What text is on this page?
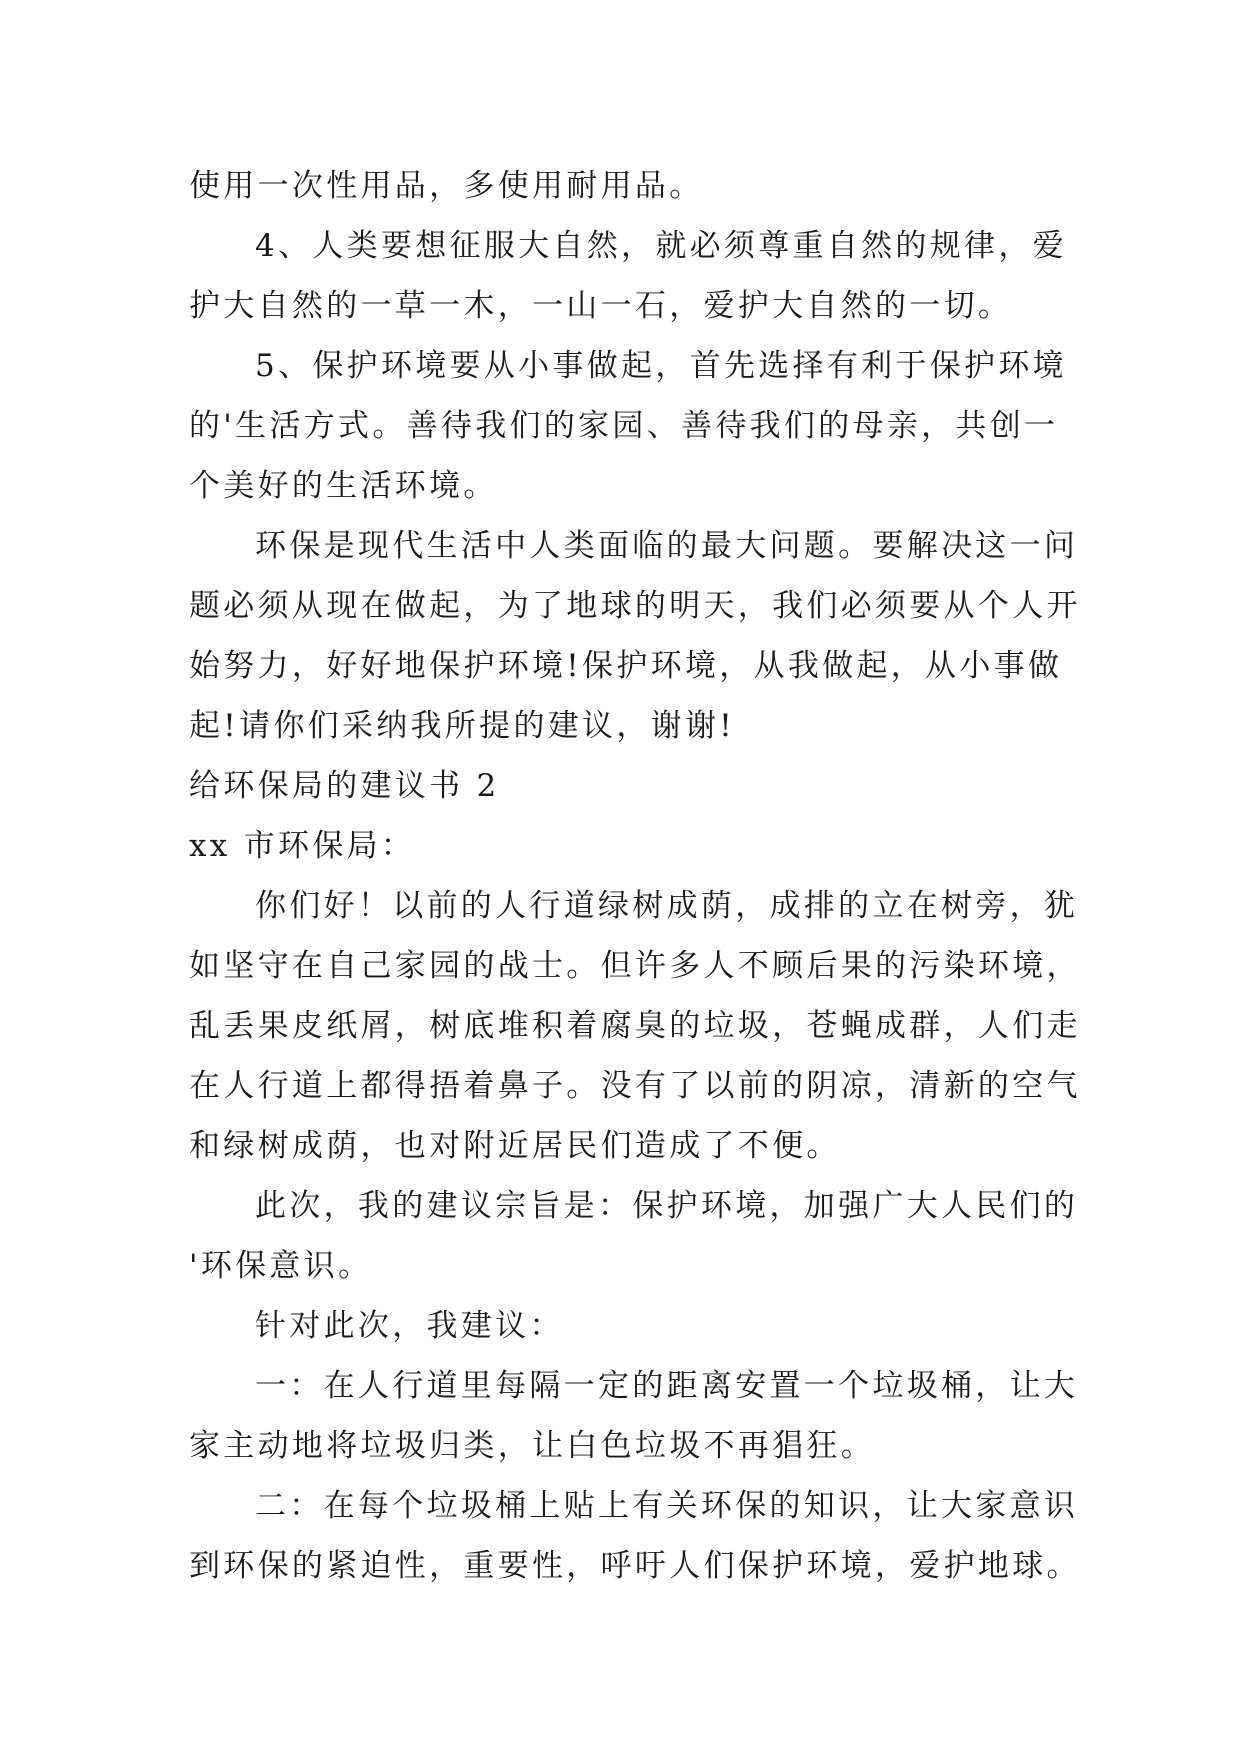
使用一次性用品，多使用耐用品。
4、人类要想征服大自然，就必须尊重自然的规律，爱
护大自然的一草一木，一山一石，爱护大自然的一切。
5、保护环境要从小事做起，首先选择有利于保护环境
的'生活方式。善待我们的家园、善待我们的母亲，共创一
个美好的生活环境。
环保是现代生活中人类面临的最大问题。要解决这一问
题必须从现在做起，为了地球的明天，我们必须要从个人开
始努力，好好地保护环境!保护环境，从我做起，从小事做
起!请你们采纳我所提的建议，谢谢!
给环保局的建议书 2
xx 市环保局：
你们好！以前的人行道绿树成荫，成排的立在树旁，犹
如坚守在自己家园的战士。但许多人不顾后果的污染环境，
乱丢果皮纸屑，树底堆积着腐臭的垃圾，苍蝇成群，人们走
在人行道上都得捂着鼻子。没有了以前的阴凉，清新的空气
和绿树成荫，也对附近居民们造成了不便。
此次，我的建议宗旨是：保护环境，加强广大人民们的
'环保意识。
针对此次，我建议：
一：在人行道里每隔一定的距离安置一个垃圾桶，让大
家主动地将垃圾归类，让白色垃圾不再猖狂。
二：在每个垃圾桶上贴上有关环保的知识，让大家意识
到环保的紧迫性，重要性，呼吁人们保护环境，爱护地球。
